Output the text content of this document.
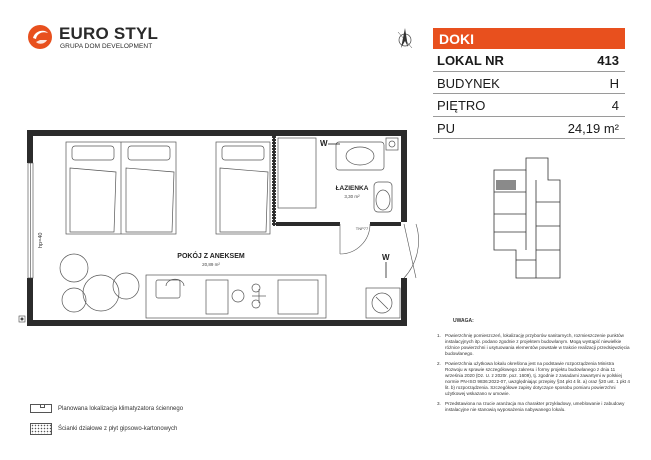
EURO STYL
GRUPA DOM DEVELOPMENT	DOKI
LOKAL NR	413
BUDYNEK	H
PIĘTRO	4
PU	24,19 m²
W
W
POKÓJ Z ANEKSEM
20,89 m²
ŁAZIENKA
3,30 m²
TNP77
hp=40
UWAGA:
1. Powierzchnię pomieszczeń, lokalizację przyborów sanitarnych, rozmieszczenie punktów instalacyjnych itp. podano zgodnie z projektem budowlanym. Mogą wystąpić niewielkie różnice powierzchni i usytuowania elementów powstałe w trakcie realizacji przedsięwzięcia budowlanego.
2. Powierzchnia użytkowa lokalu określona jest na podstawie rozporządzenia Ministra Rozwoju w sprawie szczegółowego zakresu i formy projektu budowlanego z dnia 11 września 2020 (Dz. U. z 2020r. poz. 1609), tj. zgodnie z zasadami zawartymi w polskiej normie PN-ISO 9836:2022-07, uwzględniając przepisy §34 pkt 4 lit. a) oraz §20 ust. 1 pkt 4 lit. b) rozporządzenia. Szczegółowe zapisy dotyczące sposobu pomiaru powierzchni użytkowej wskazano w umowie.
3. Przedstawiona na rzucie aranżacja ma charakter przykładowy, umeblowanie i zabudowy instalacyjne nie stanowią wyposażenia nabywanego lokalu.
Planowana lokalizacja klimatyzatora ściennego
Ścianki działowe z płyt gipsowo-kartonowych
